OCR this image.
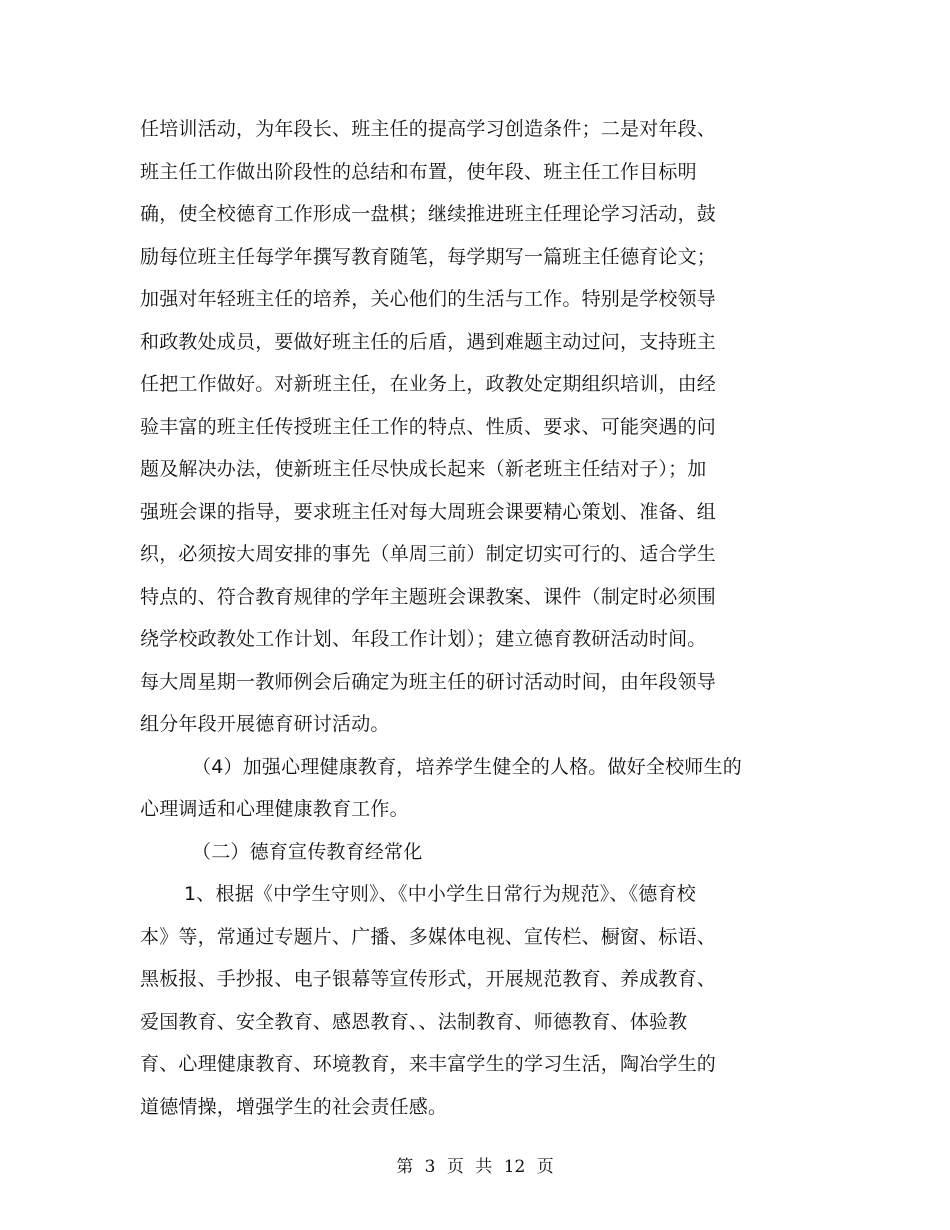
任培训活动，为年段长、班主任的提高学习创造条件；二是对年段、
班主任工作做出阶段性的总结和布置，使年段、班主任工作目标明
确，使全校德育工作形成一盘棋；继续推进班主任理论学习活动，鼓
励每位班主任每学年撰写教育随笔，每学期写一篇班主任德育论文；
加强对年轻班主任的培养，关心他们的生活与工作。特别是学校领导
和政教处成员，要做好班主任的后盾，遇到难题主动过问，支持班主
任把工作做好。对新班主任，在业务上，政教处定期组织培训，由经
验丰富的班主任传授班主任工作的特点、性质、要求、可能突遇的问
题及解决办法，使新班主任尽快成长起来（新老班主任结对子）；加
强班会课的指导，要求班主任对每大周班会课要精心策划、准备、组
织，必须按大周安排的事先（单周三前）制定切实可行的、适合学生
特点的、符合教育规律的学年主题班会课教案、课件（制定时必须围
绕学校政教处工作计划、年段工作计划）；建立德育教研活动时间。
每大周星期一教师例会后确定为班主任的研讨活动时间，由年段领导
组分年段开展德育研讨活动。
（4）加强心理健康教育，培养学生健全的人格。做好全校师生的
心理调适和心理健康教育工作。
（二）德育宣传教育经常化
1、根据《中学生守则》、《中小学生日常行为规范》、《德育校
本》等，常通过专题片、广播、多媒体电视、宣传栏、橱窗、标语、
黑板报、手抄报、电子银幕等宣传形式，开展规范教育、养成教育、
爱国教育、安全教育、感恩教育、、法制教育、师德教育、体验教
育、心理健康教育、环境教育，来丰富学生的学习生活，陶冶学生的
道德情操，增强学生的社会责任感。
第 3 页 共 12 页
